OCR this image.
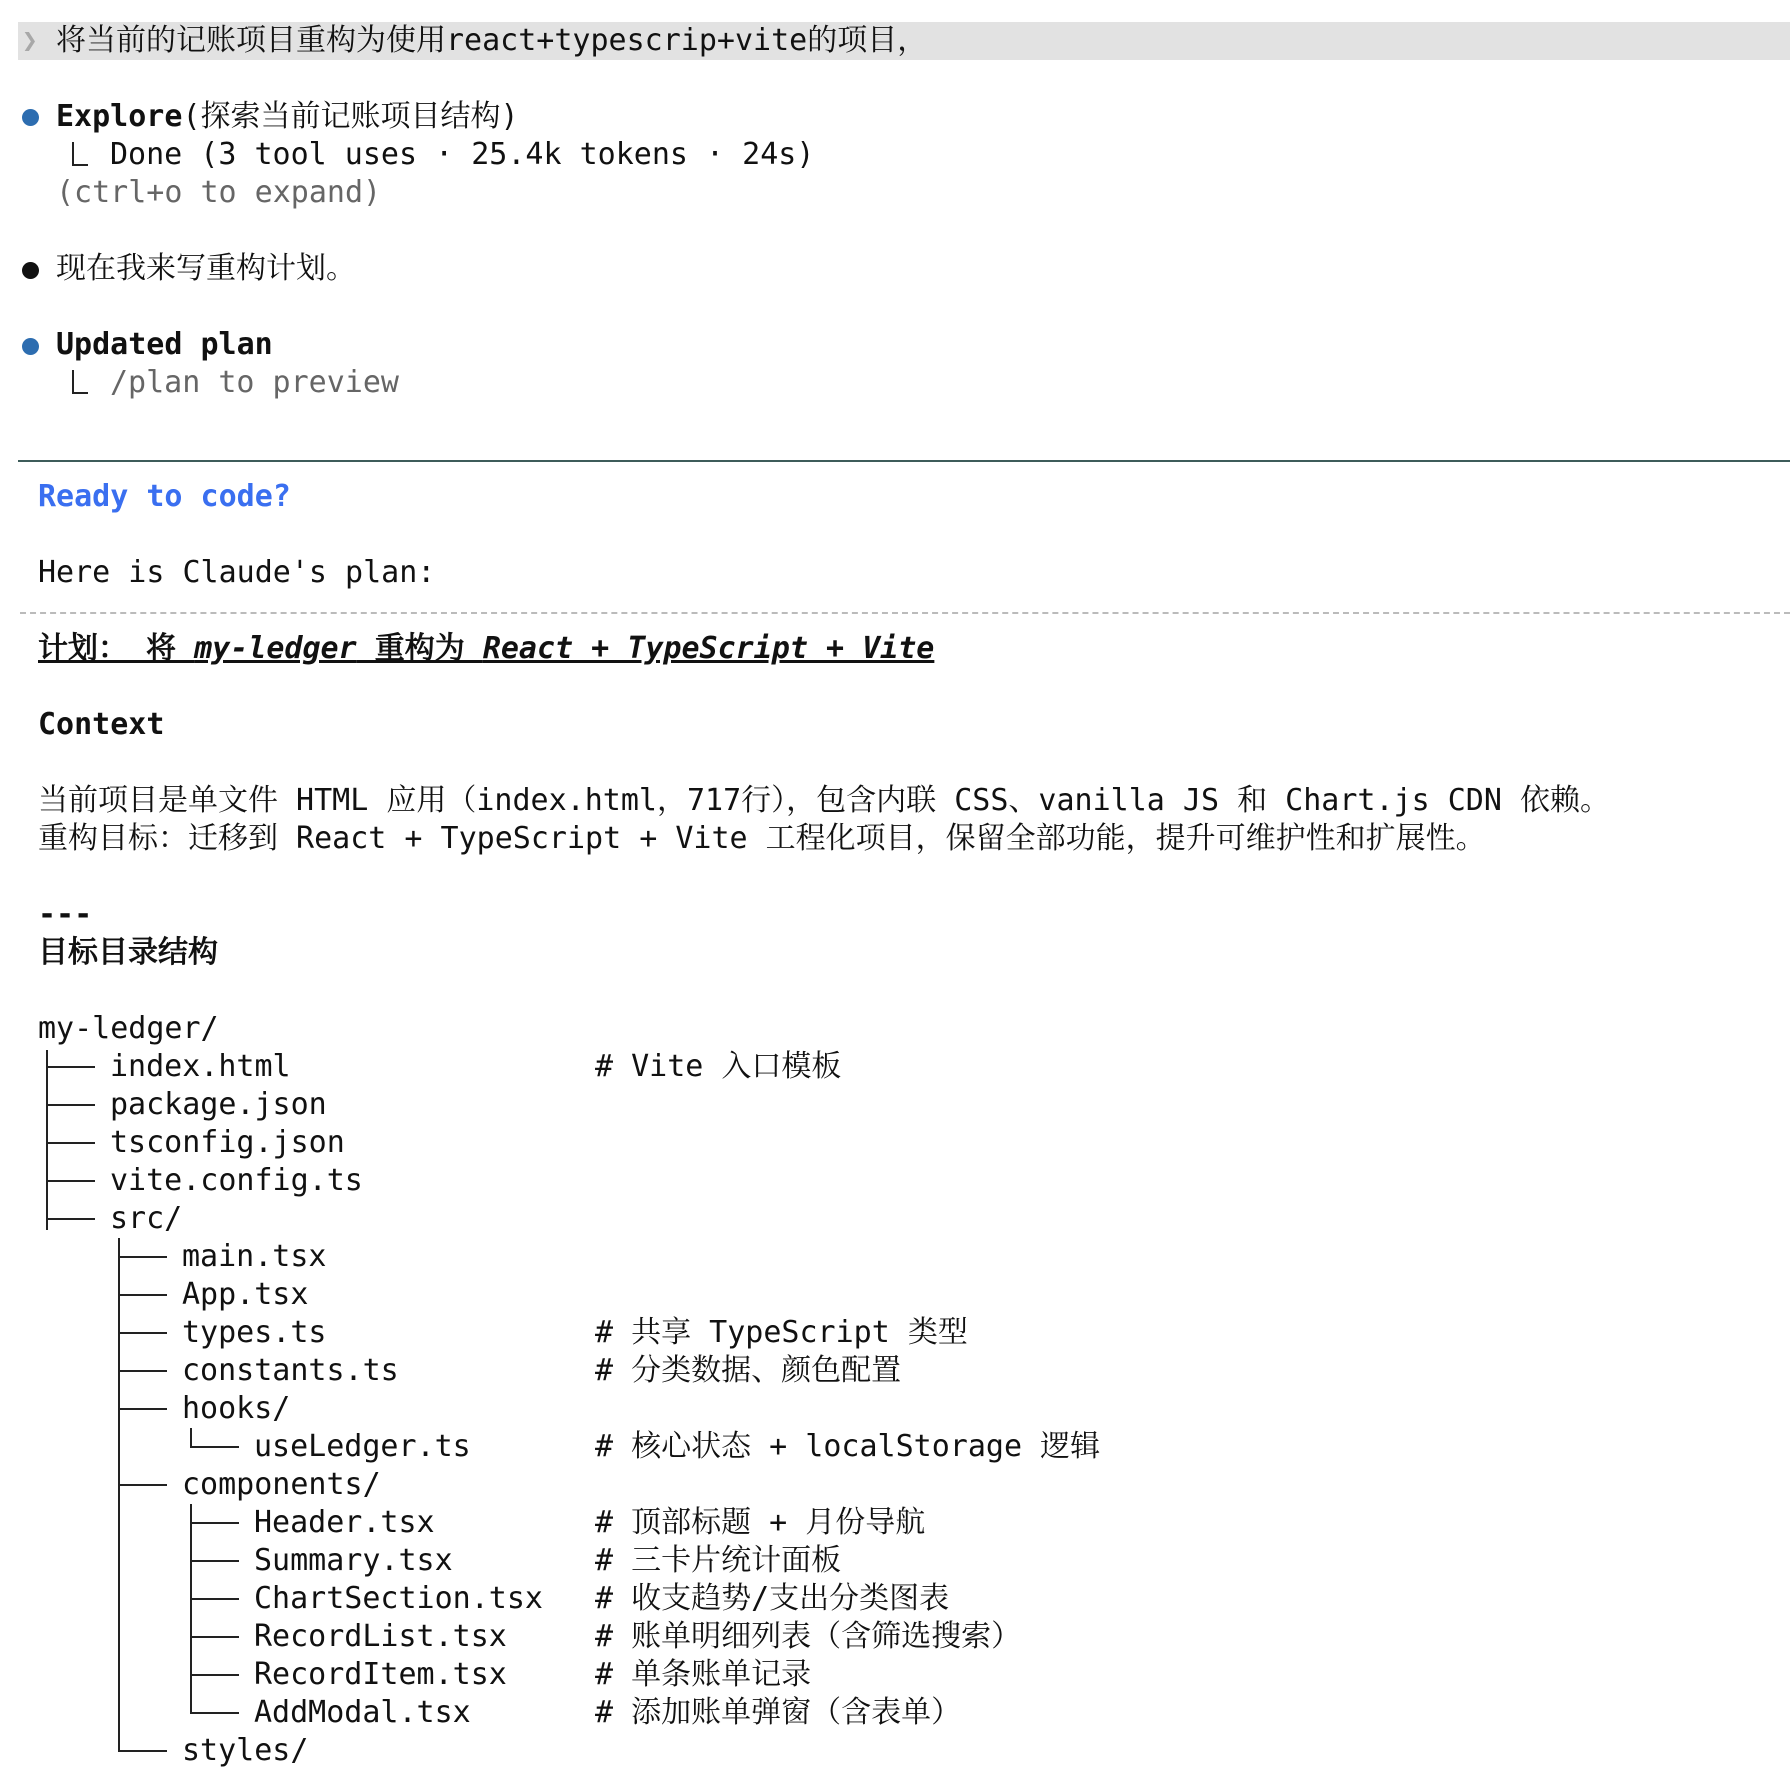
❯ 将当前的记账项目重构为使用react+typescrip+vite的项目，
Explore(探索当前记账项目结构)
Done (3 tool uses · 25.4k tokens · 24s)
(ctrl+o to expand)
现在我来写重构计划。
Updated plan
/plan to preview
Ready to code?
Here is Claude's plan:
计划： 将 my-ledger 重构为 React + TypeScript + Vite
Context
当前项目是单文件 HTML 应用（index.html，717行），包含内联 CSS、vanilla JS 和 Chart.js CDN 依赖。
重构目标：迁移到 React + TypeScript + Vite 工程化项目，保留全部功能，提升可维护性和扩展性。
---
目标目录结构
my-ledger/
index.html	# Vite 入口模板
package.json
tsconfig.json
vite.config.ts
src/
main.tsx
App.tsx
types.ts	# 共享 TypeScript 类型
constants.ts	# 分类数据、颜色配置
hooks/
useLedger.ts	# 核心状态 + localStorage 逻辑
components/
Header.tsx	# 顶部标题 + 月份导航
Summary.tsx	# 三卡片统计面板
ChartSection.tsx # 收支趋势/支出分类图表
RecordList.tsx	# 账单明细列表（含筛选搜索）
RecordItem.tsx	# 单条账单记录
AddModal.tsx	# 添加账单弹窗（含表单）
styles/
